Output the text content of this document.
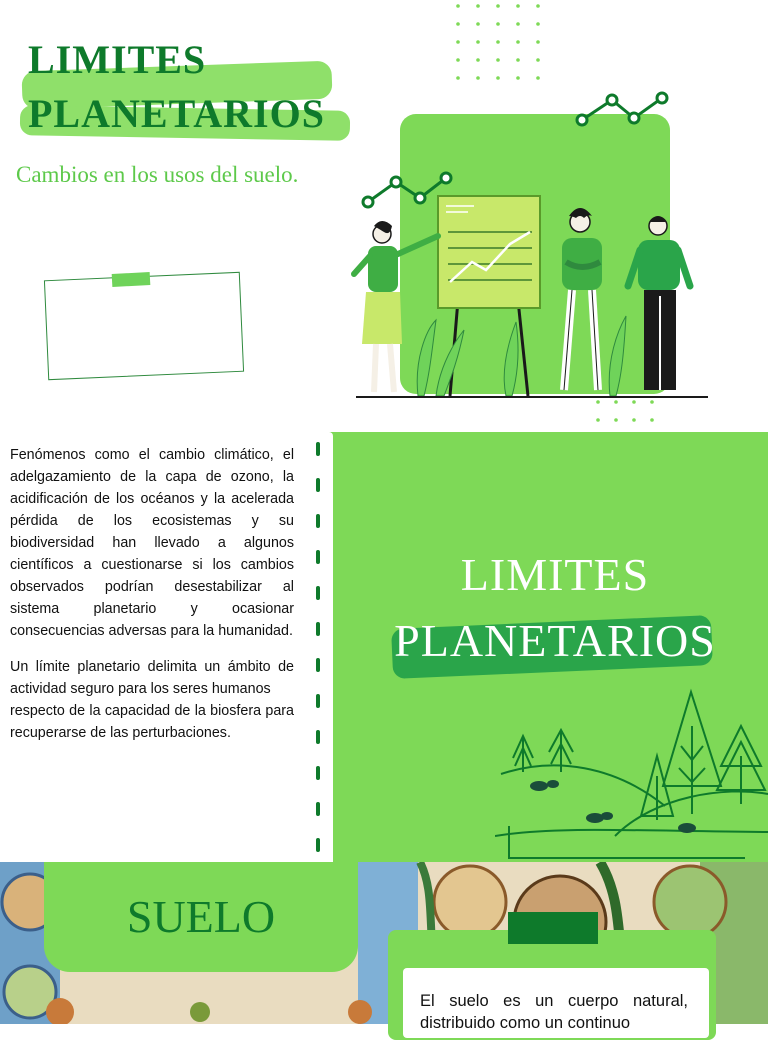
LIMITES
PLANETARIOS
Cambios en los usos del suelo.

Fenómenos como el cambio climático, el adelgazamiento de la capa de ozono, la acidificación de los océanos y la acelerada pérdida de los ecosistemas y su biodiversidad han llevado a algunos científicos a cuestionarse si los cambios observados podrían desestabilizar al sistema planetario y ocasionar consecuencias adversas para la humanidad.

Un límite planetario delimita un ámbito de actividad seguro para los seres humanos
respecto de la capacidad de la biosfera para recuperarse de las perturbaciones.

LIMITES
PLANETARIOS
SUELO
El suelo es un cuerpo natural, distribuido como un continuo
